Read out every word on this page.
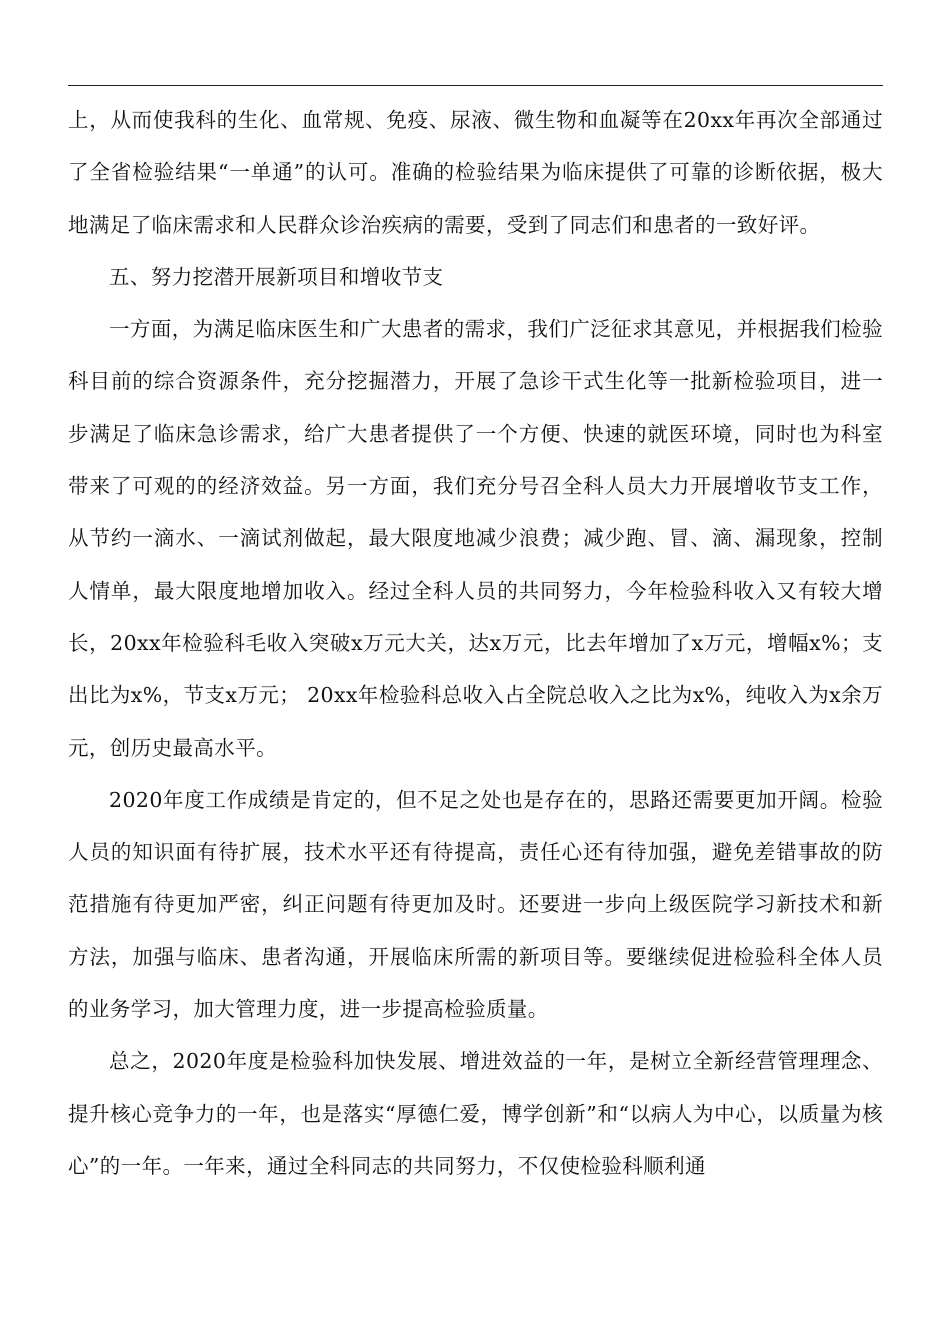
上，从而使我科的生化、血常规、免疫、尿液、微生物和血凝等在20xx年再次全部通过了全省检验结果“一单通”的认可。准确的检验结果为临床提供了可靠的诊断依据，极大地满足了临床需求和人民群众诊治疾病的需要，受到了同志们和患者的一致好评。

五、努力挖潜开展新项目和增收节支

一方面，为满足临床医生和广大患者的需求，我们广泛征求其意见，并根据我们检验科目前的综合资源条件，充分挖掘潜力，开展了急诊干式生化等一批新检验项目，进一步满足了临床急诊需求，给广大患者提供了一个方便、快速的就医环境，同时也为科室带来了可观的的经济效益。另一方面，我们充分号召全科人员大力开展增收节支工作，从节约一滴水、一滴试剂做起，最大限度地减少浪费；减少跑、冒、滴、漏现象，控制人情单，最大限度地增加收入。经过全科人员的共同努力，今年检验科收入又有较大增长，20xx年检验科毛收入突破x万元大关，达x万元，比去年增加了x万元，增幅x%；支出比为x%，节支x万元； 20xx年检验科总收入占全院总收入之比为x%，纯收入为x余万元，创历史最高水平。

2020年度工作成绩是肯定的，但不足之处也是存在的，思路还需要更加开阔。检验人员的知识面有待扩展，技术水平还有待提高，责任心还有待加强，避免差错事故的防范措施有待更加严密，纠正问题有待更加及时。还要进一步向上级医院学习新技术和新方法，加强与临床、患者沟通，开展临床所需的新项目等。要继续促进检验科全体人员的业务学习，加大管理力度，进一步提高检验质量。

总之，2020年度是检验科加快发展、增进效益的一年，是树立全新经营管理理念、提升核心竞争力的一年，也是落实“厚德仁爱，博学创新”和“以病人为中心，以质量为核心”的一年。一年来，通过全科同志的共同努力，不仅使检验科顺利通
